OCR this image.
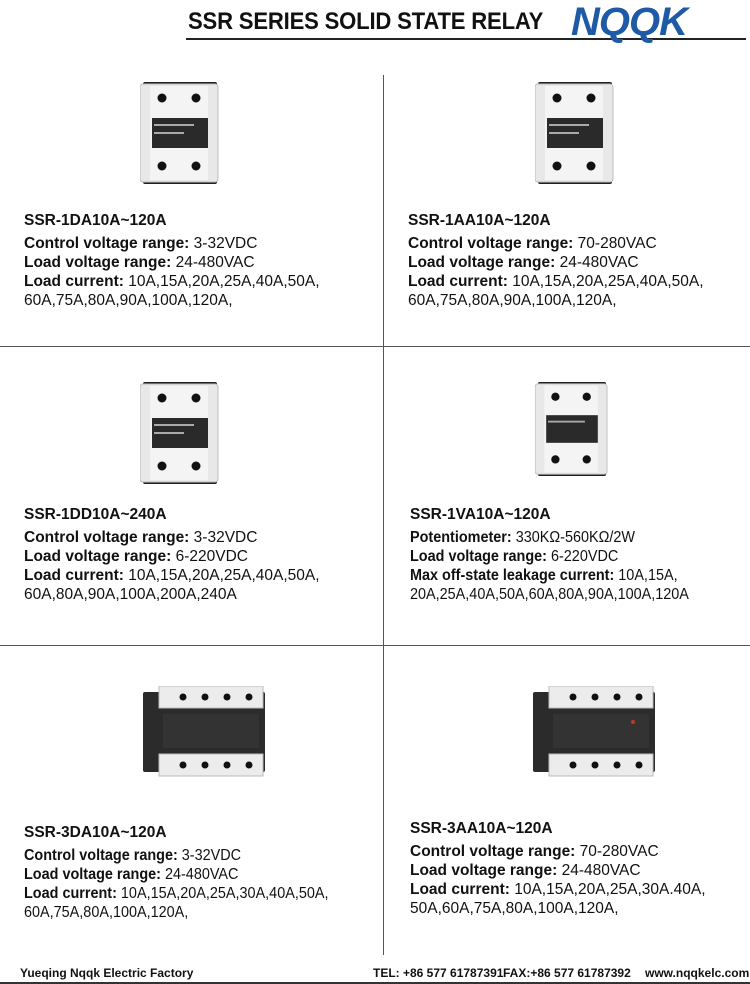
SSR SERIES SOLID STATE RELAY NQQK
SSR-1DA10A~120A
Control voltage range: 3-32VDC
Load voltage range: 24-480VAC
Load current: 10A,15A,20A,25A,40A,50A,
60A,75A,80A,90A,100A,120A,
SSR-1AA10A~120A
Control voltage range: 70-280VAC
Load voltage range: 24-480VAC
Load current: 10A,15A,20A,25A,40A,50A,
60A,75A,80A,90A,100A,120A,
SSR-1DD10A~240A
Control voltage range: 3-32VDC
Load voltage range: 6-220VDC
Load current: 10A,15A,20A,25A,40A,50A,
60A,80A,90A,100A,200A,240A
SSR-1VA10A~120A
Potentiometer: 330KΩ-560KΩ/2W
Load voltage range: 6-220VDC
Max off-state leakage current: 10A,15A,
20A,25A,40A,50A,60A,80A,90A,100A,120A
SSR-3DA10A~120A
Control voltage range: 3-32VDC
Load voltage range: 24-480VAC
Load current: 10A,15A,20A,25A,30A,40A,50A,
60A,75A,80A,100A,120A,
SSR-3AA10A~120A
Control voltage range: 70-280VAC
Load voltage range: 24-480VAC
Load current: 10A,15A,20A,25A,30A.40A,
50A,60A,75A,80A,100A,120A,
Yueqing Nqqk Electric Factory	TEL: +86 577 61787391 FAX:+86 577 61787392 www.nqqkelc.com
